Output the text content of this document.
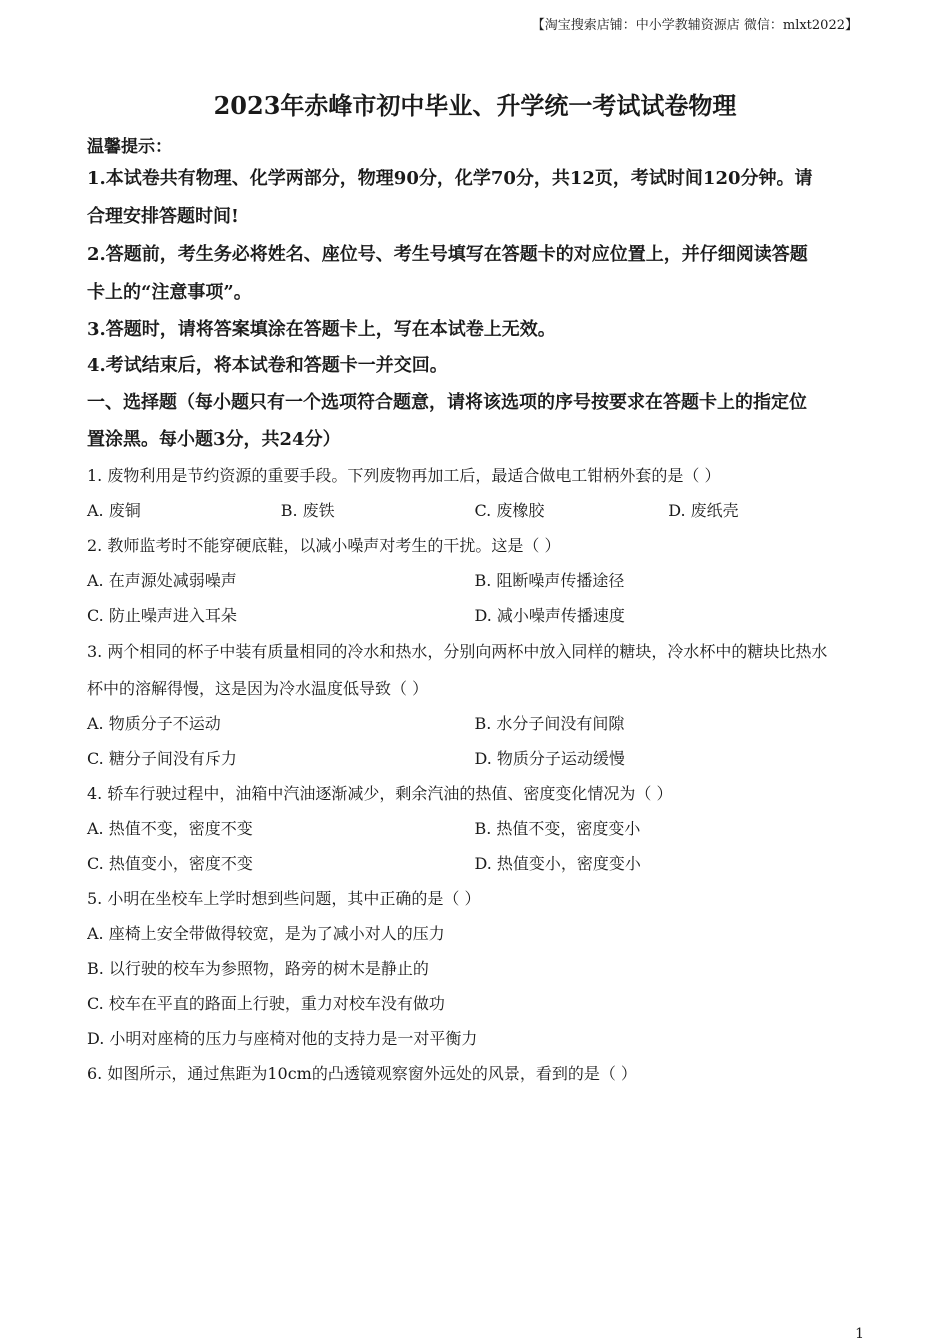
【淘宝搜索店铺：中小学教辅资源店 微信：mlxt2022】
2023年赤峰市初中毕业、升学统一考试试卷物理
温馨提示：
1.本试卷共有物理、化学两部分，物理90分，化学70分，共12页，考试时间120分钟。请
合理安排答题时间!
2.答题前，考生务必将姓名、座位号、考生号填写在答题卡的对应位置上，并仔细阅读答题
卡上的“注意事项”。
3.答题时，请将答案填涂在答题卡上，写在本试卷上无效。
4.考试结束后，将本试卷和答题卡一并交回。
一、选择题（每小题只有一个选项符合题意，请将该选项的序号按要求在答题卡上的指定位
置涂黑。每小题3分，共24分）
1. 废物利用是节约资源的重要手段。下列废物再加工后，最适合做电工钳柄外套的是（ ）
A. 废铜	B. 废铁	C. 废橡胶	D. 废纸壳
2. 教师监考时不能穿硬底鞋，以减小噪声对考生的干扰。这是（ ）
A. 在声源处减弱噪声	B. 阻断噪声传播途径
C. 防止噪声进入耳朵	D. 减小噪声传播速度
3. 两个相同的杯子中装有质量相同的冷水和热水，分别向两杯中放入同样的糖块，冷水杯中的糖块比热水
杯中的溶解得慢，这是因为冷水温度低导致（ ）
A. 物质分子不运动	B. 水分子间没有间隙
C. 糖分子间没有斥力	D. 物质分子运动缓慢
4. 轿车行驶过程中，油箱中汽油逐渐减少，剩余汽油的热值、密度变化情况为（ ）
A. 热值不变，密度不变	B. 热值不变，密度变小
C. 热值变小，密度不变	D. 热值变小，密度变小
5. 小明在坐校车上学时想到些问题，其中正确的是（ ）
A. 座椅上安全带做得较宽，是为了减小对人的压力
B. 以行驶的校车为参照物，路旁的树木是静止的
C. 校车在平直的路面上行驶，重力对校车没有做功
D. 小明对座椅的压力与座椅对他的支持力是一对平衡力
6. 如图所示，通过焦距为10cm的凸透镜观察窗外远处的风景，看到的是（ ）
1
